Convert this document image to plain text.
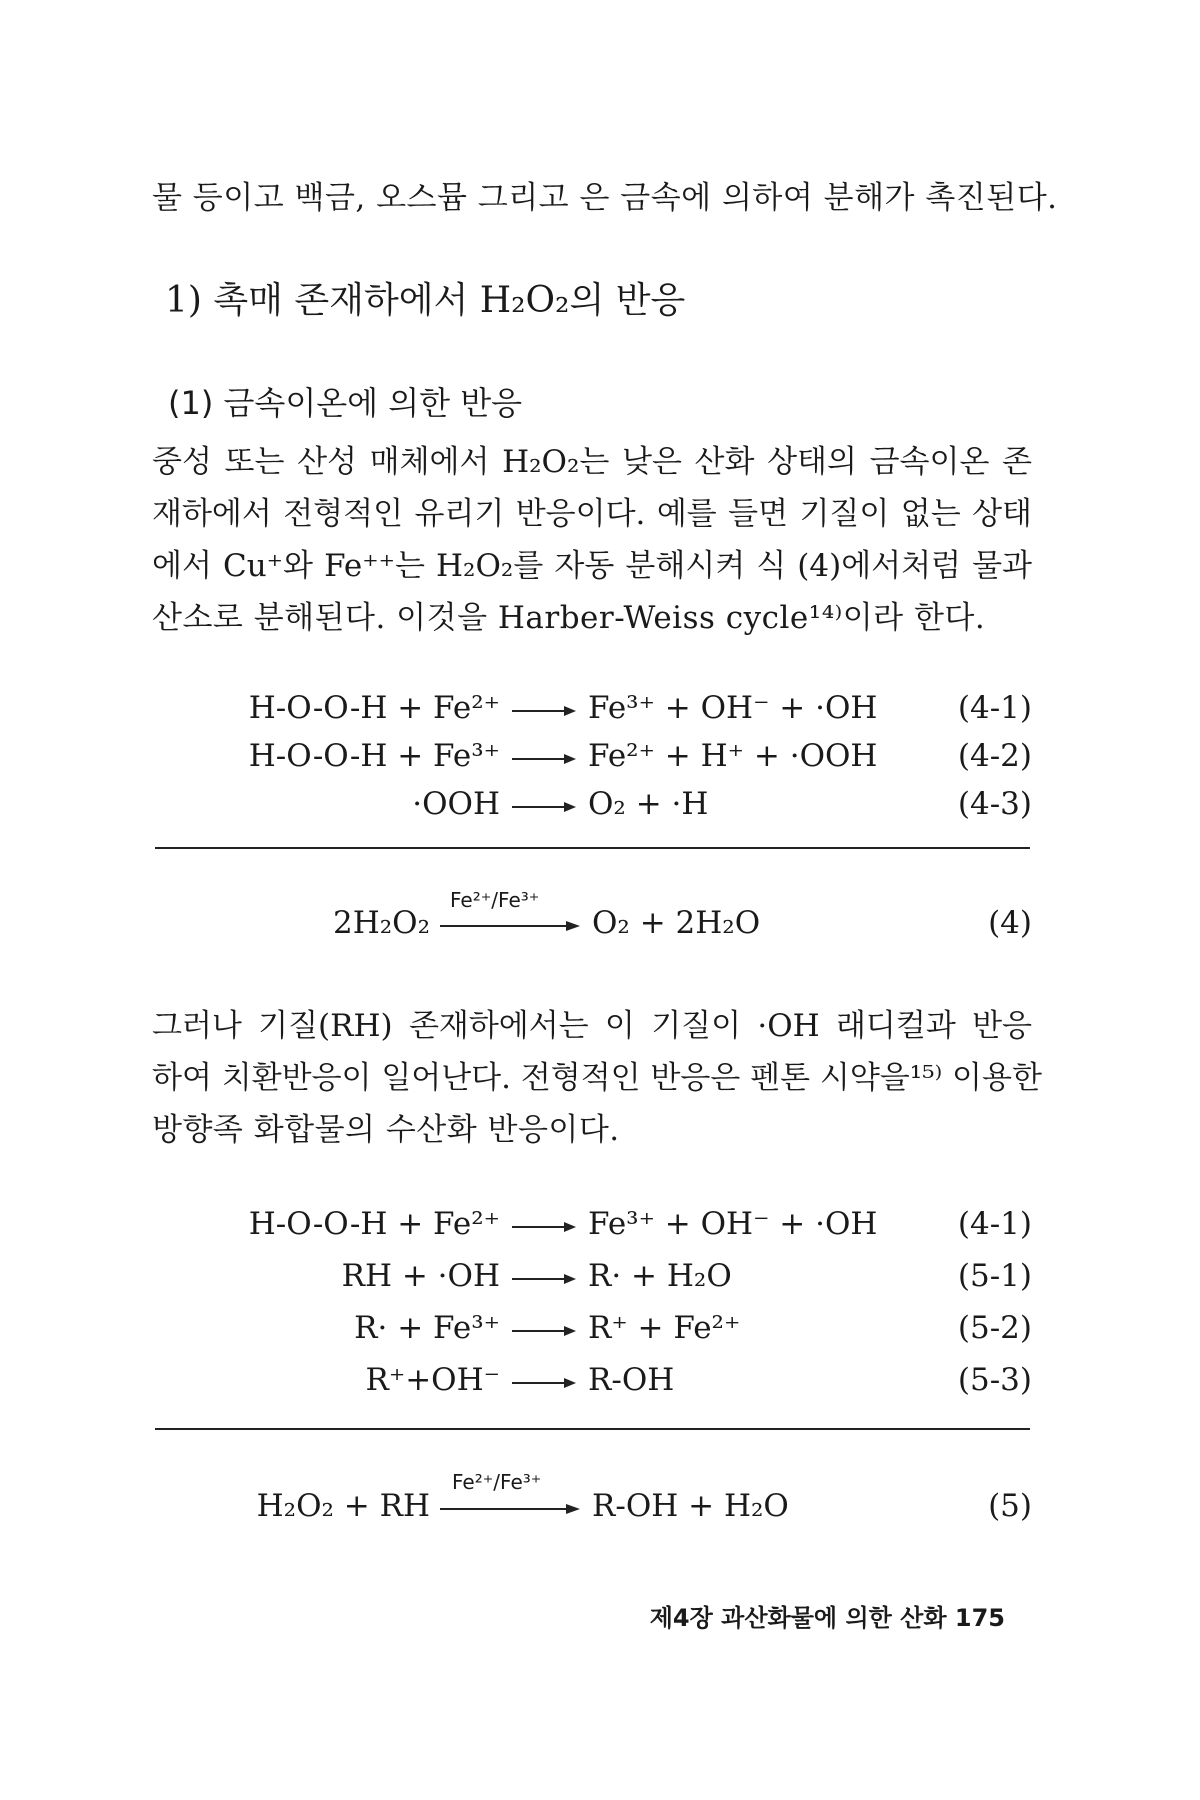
물 등이고 백금, 오스뮴 그리고 은 금속에 의하여 분해가 촉진된다.
1) 촉매 존재하에서 H₂O₂의 반응
(1) 금속이온에 의한 반응
중성 또는 산성 매체에서 H₂O₂는 낮은 산화 상태의 금속이온 존
재하에서 전형적인 유리기 반응이다. 예를 들면 기질이 없는 상태
에서 Cu⁺와 Fe⁺⁺는 H₂O₂를 자동 분해시켜 식 (4)에서처럼 물과
산소로 분해된다. 이것을 Harber-Weiss cycle¹⁴⁾이라 한다.
H-O-O-H + Fe²⁺ → Fe³⁺ + OH⁻ + ·OH	(4-1)
H-O-O-H + Fe³⁺ → Fe²⁺ + H⁺ + ·OOH	(4-2)
·OOH → O₂ + ·H	(4-3)
2H₂O₂
Fe²⁺/Fe³⁺
O₂ + 2H₂O	(4)
그러나 기질(RH) 존재하에서는 이 기질이 ·OH 래디컬과 반응
하여 치환반응이 일어난다. 전형적인 반응은 펜톤 시약을¹⁵⁾ 이용한
방향족 화합물의 수산화 반응이다.
H-O-O-H + Fe²⁺ → Fe³⁺ + OH⁻ + ·OH	(4-1)
RH + ·OH → R· + H₂O	(5-1)
R· + Fe³⁺ → R⁺ + Fe²⁺	(5-2)
R⁺+OH⁻ → R-OH	(5-3)
H₂O₂ + RH
Fe²⁺/Fe³⁺
R-OH + H₂O	(5)
제4장 과산화물에 의한 산화 175
